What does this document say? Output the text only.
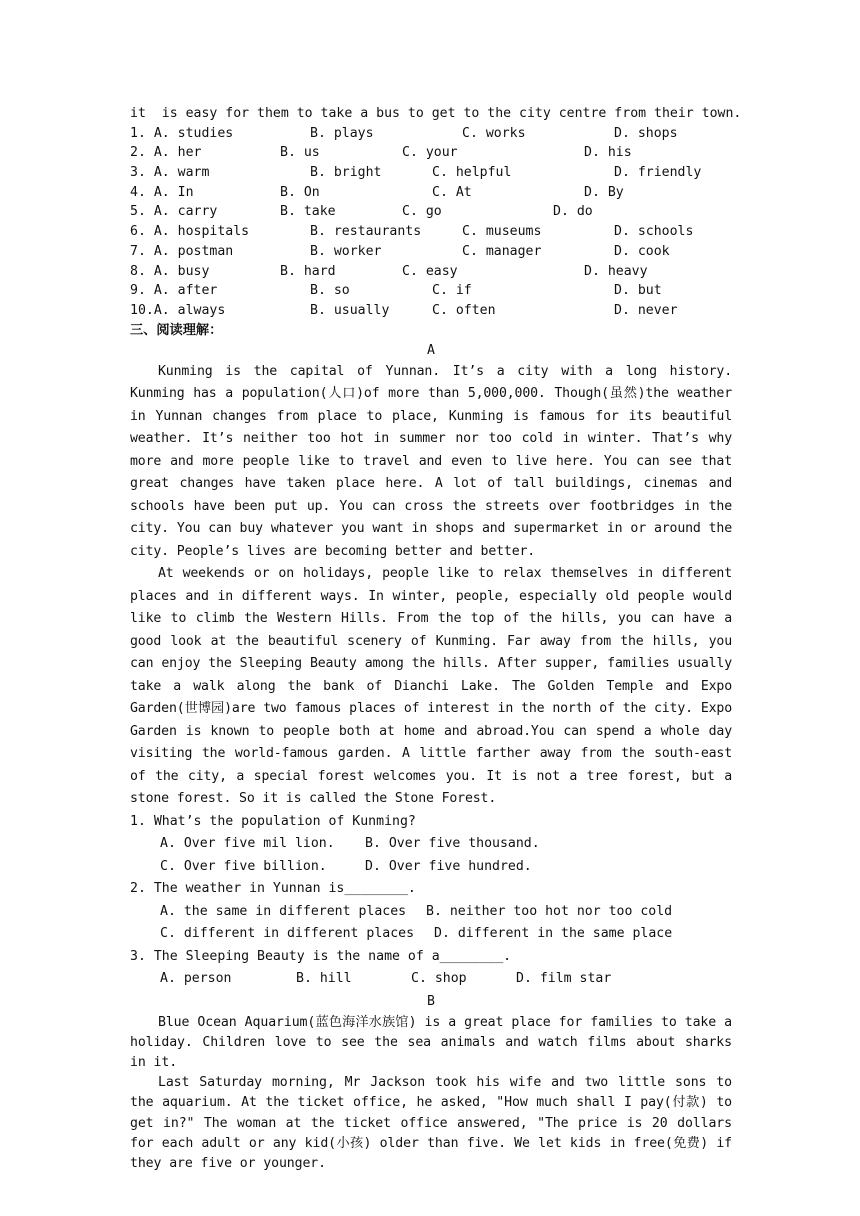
it  is easy for them to take a bus to get to the city centre from their town.
1. A. studies	B. plays	C. works	D. shops
2. A. her	B. us	C. your	D. his
3. A. warm	B. bright	C. helpful	D. friendly
4. A. In	B. On	C. At	D. By
5. A. carry	B. take	C. go	D. do
6. A. hospitals	B. restaurants	C. museums	D. schools
7. A. postman	B. worker	C. manager	D. cook
8. A. busy	B. hard	C. easy	D. heavy
9. A. after	B. so	C. if	D. but
10.A. always	B. usually	C. often	D. never
三、阅读理解：
A
Kunming is the capital of Yunnan. It’s a city with a long history. Kunming has a population(人口)of more than 5,000,000. Though(虽然)the weather in Yunnan changes from place to place, Kunming is famous for its beautiful weather. It’s neither too hot in summer nor too cold in winter. That’s why more and more people like to travel and even to live here. You can see that great changes have taken place here. A lot of tall buildings, cinemas and schools have been put up. You can cross the streets over footbridges in the city. You can buy whatever you want in shops and supermarket in or around the city. People’s lives are becoming better and better.
At weekends or on holidays, people like to relax themselves in different places and in different ways. In winter, people, especially old people would like to climb the Western Hills. From the top of the hills, you can have a good look at the beautiful scenery of Kunming. Far away from the hills, you can enjoy the Sleeping Beauty among the hills. After supper, families usually take a walk along the bank of Dianchi Lake. The Golden Temple and Expo Garden(世博园)are two famous places of interest in the north of the city. Expo Garden is known to people both at home and abroad.You can spend a whole day visiting the world-famous garden. A little farther away from the south-east of the city, a special forest welcomes you. It is not a tree forest, but a stone forest. So it is called the Stone Forest.
1. What’s the population of Kunming?
A. Over five mil lion. B. Over five thousand.
C. Over five billion.	D. Over five hundred.
2. The weather in Yunnan is________.
A. the same in different places B. neither too hot nor too cold
C. different in different places D. different in the same place
3. The Sleeping Beauty is the name of a________.
A. person	B. hill	C. shop	D. film star
B
Blue Ocean Aquarium(蓝色海洋水族馆) is a great place for families to take a holiday. Children love to see the sea animals and watch films about sharks in it.
Last Saturday morning, Mr Jackson took his wife and two little sons to the aquarium. At the ticket office, he asked, "How much shall I pay(付款) to get in?" The woman at the ticket office answered, "The price is 20 dollars for each adult or any kid(小孩) older than five. We let kids in free(免费) if they are five or younger.
